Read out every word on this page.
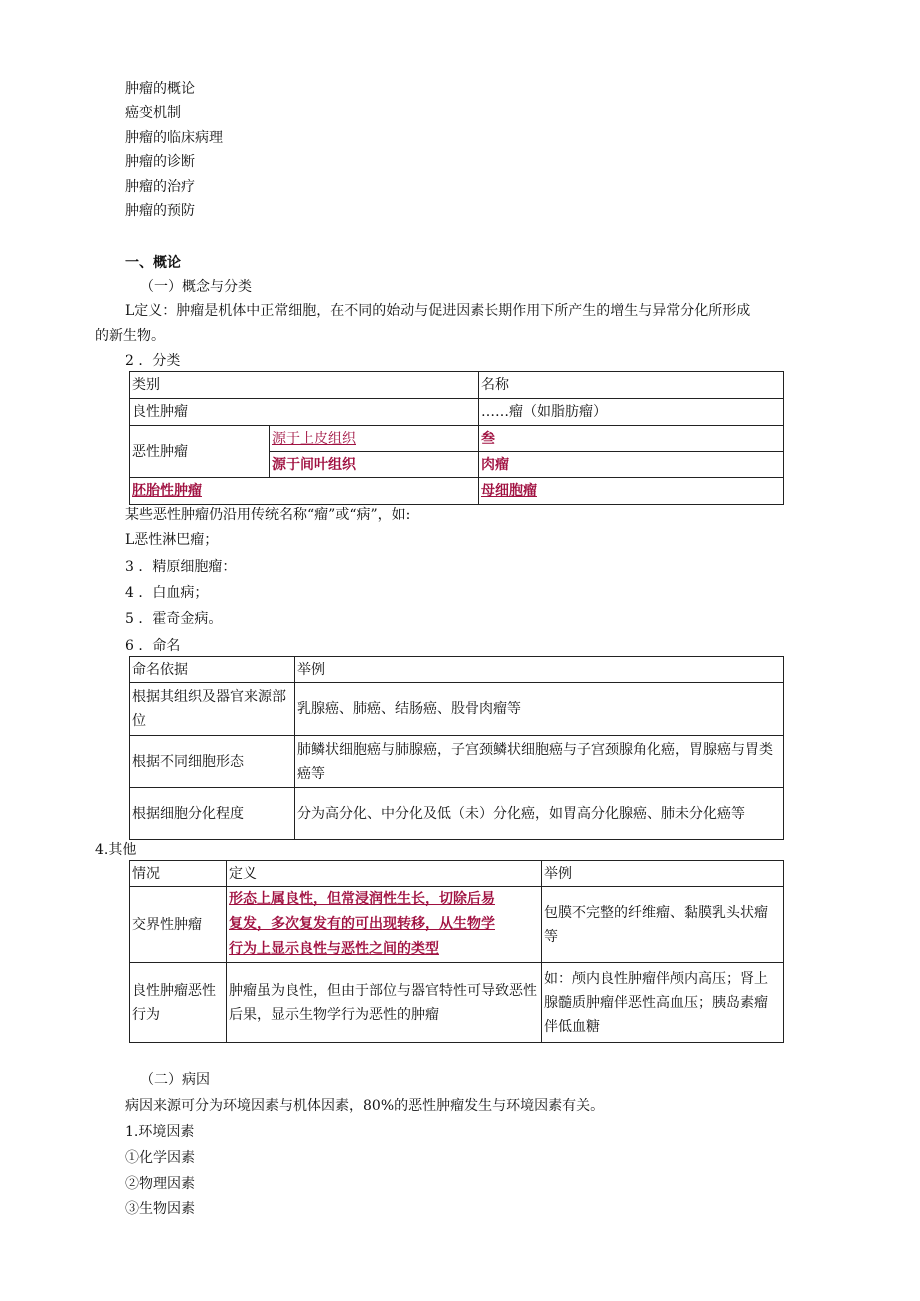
肿瘤的概论
癌变机制
肿瘤的临床病理
肿瘤的诊断
肿瘤的治疗
肿瘤的预防
一、概论
（一）概念与分类
L定义：肿瘤是机体中正常细胞，在不同的始动与促进因素长期作用下所产生的增生与异常分化所形成
的新生物。
2 ．分类
类别		名称
良性肿瘤		……瘤（如脂肪瘤）
恶性肿瘤	源于上皮组织	叁
	源于间叶组织	肉瘤
胚胎性肿瘤		母细胞瘤
某些恶性肿瘤仍沿用传统名称“瘤”或“病”，如:
L恶性淋巴瘤；
3 ．精原细胞瘤：
4 ．白血病；
5 ．霍奇金病。
6 ．命名
命名依据	举例
根据其组织及器官来源部位	乳腺癌、肺癌、结肠癌、股骨肉瘤等
根据不同细胞形态	肺鳞状细胞癌与肺腺癌，子宫颈鳞状细胞癌与子宫颈腺角化癌，胃腺癌与胃类癌等
根据细胞分化程度	分为高分化、中分化及低（未）分化癌，如胃高分化腺癌、肺未分化癌等
4.其他
情况	定义	举例
交界性肿瘤	形态上属良性，但常浸润性生长，切除后易
复发，多次复发有的可出现转移，从生物学
行为上显示良性与恶性之间的类型	包膜不完整的纤维瘤、黏膜乳头状瘤等
良性肿瘤恶性行为	肿瘤虽为良性，但由于部位与器官特性可导致恶性后果，显示生物学行为恶性的肿瘤	如：颅内良性肿瘤伴颅内高压；肾上腺髓质肿瘤伴恶性高血压；胰岛素瘤伴低血糖
（二）病因
病因来源可分为环境因素与机体因素，80%的恶性肿瘤发生与环境因素有关。
1.环境因素
①化学因素
②物理因素
③生物因素
